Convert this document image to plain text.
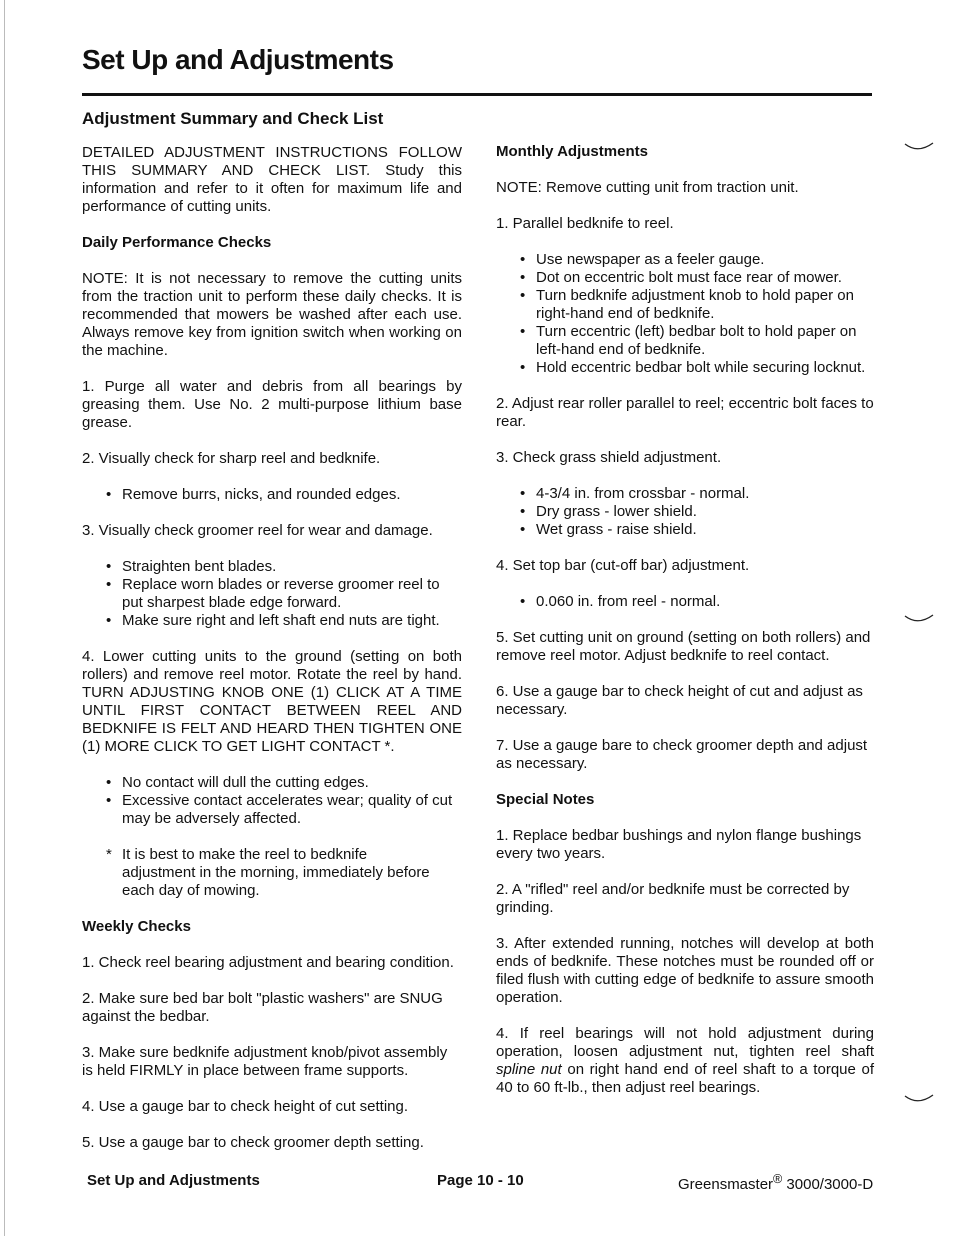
Set Up and Adjustments
Adjustment Summary and Check List

DETAILED ADJUSTMENT INSTRUCTIONS FOLLOW THIS SUMMARY AND CHECK LIST. Study this information and refer to it often for maximum life and performance of cutting units.

Daily Performance Checks

NOTE: It is not necessary to remove the cutting units from the traction unit to perform these daily checks. It is recommended that mowers be washed after each use. Always remove key from ignition switch when working on the machine.

1. Purge all water and debris from all bearings by greasing them. Use No. 2 multi-purpose lithium base grease.

2. Visually check for sharp reel and bedknife.

• Remove burrs, nicks, and rounded edges.

3. Visually check groomer reel for wear and damage.

• Straighten bent blades.
• Replace worn blades or reverse groomer reel to put sharpest blade edge forward.
• Make sure right and left shaft end nuts are tight.

4. Lower cutting units to the ground (setting on both rollers) and remove reel motor. Rotate the reel by hand. TURN ADJUSTING KNOB ONE (1) CLICK AT A TIME UNTIL FIRST CONTACT BETWEEN REEL AND BEDKNIFE IS FELT AND HEARD THEN TIGHTEN ONE (1) MORE CLICK TO GET LIGHT CONTACT *.

• No contact will dull the cutting edges.
• Excessive contact accelerates wear; quality of cut may be adversely affected.

* It is best to make the reel to bedknife adjustment in the morning, immediately before each day of mowing.

Weekly Checks

1. Check reel bearing adjustment and bearing condition.

2. Make sure bed bar bolt "plastic washers" are SNUG against the bedbar.

3. Make sure bedknife adjustment knob/pivot assembly is held FIRMLY in place between frame supports.

4. Use a gauge bar to check height of cut setting.

5. Use a gauge bar to check groomer depth setting.

Monthly Adjustments

NOTE: Remove cutting unit from traction unit.

1. Parallel bedknife to reel.

• Use newspaper as a feeler gauge.
• Dot on eccentric bolt must face rear of mower.
• Turn bedknife adjustment knob to hold paper on right-hand end of bedknife.
• Turn eccentric (left) bedbar bolt to hold paper on left-hand end of bedknife.
• Hold eccentric bedbar bolt while securing locknut.

2. Adjust rear roller parallel to reel; eccentric bolt faces to rear.

3. Check grass shield adjustment.

• 4-3/4 in. from crossbar - normal.
• Dry grass - lower shield.
• Wet grass - raise shield.

4. Set top bar (cut-off bar) adjustment.

• 0.060 in. from reel - normal.

5. Set cutting unit on ground (setting on both rollers) and remove reel motor. Adjust bedknife to reel contact.

6. Use a gauge bar to check height of cut and adjust as necessary.

7. Use a gauge bare to check groomer depth and adjust as necessary.

Special Notes

1. Replace bedbar bushings and nylon flange bushings every two years.

2. A "rifled" reel and/or bedknife must be corrected by grinding.

3. After extended running, notches will develop at both ends of bedknife. These notches must be rounded off or filed flush with cutting edge of bedknife to assure smooth operation.

4. If reel bearings will not hold adjustment during operation, loosen adjustment nut, tighten reel shaft spline nut on right hand end of reel shaft to a torque of 40 to 60 ft-lb., then adjust reel bearings.

Set Up and Adjustments	Page 10 - 10	Greensmaster® 3000/3000-D
